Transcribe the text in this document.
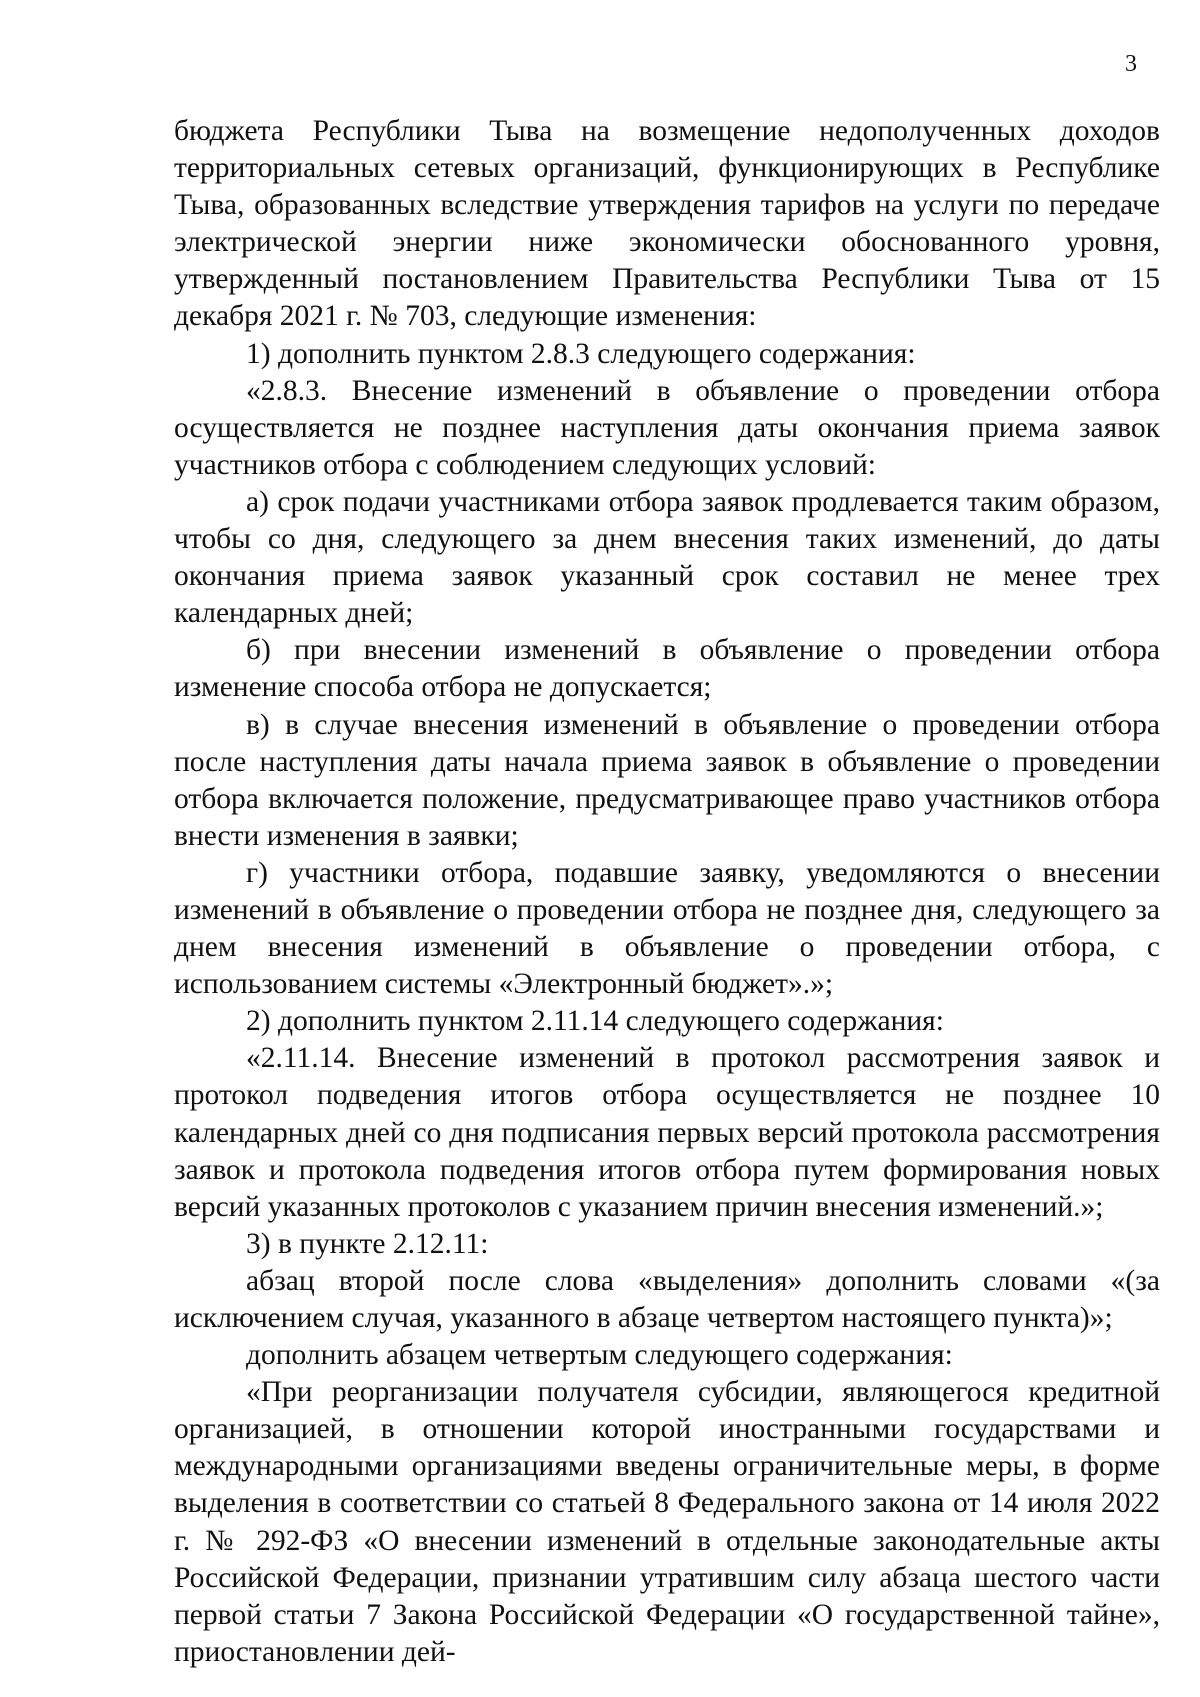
3

бюджета Республики Тыва на возмещение недополученных доходов территориальных сетевых организаций, функционирующих в Республике Тыва, образованных вследствие утверждения тарифов на услуги по передаче электрической энергии ниже экономически обоснованного уровня, утвержденный постановлением Правительства Республики Тыва от 15 декабря 2021 г. № 703, следующие изменения:

1) дополнить пунктом 2.8.3 следующего содержания:

«2.8.3. Внесение изменений в объявление о проведении отбора осуществляется не позднее наступления даты окончания приема заявок участников отбора с соблюдением следующих условий:

а) срок подачи участниками отбора заявок продлевается таким образом, чтобы со дня, следующего за днем внесения таких изменений, до даты окончания приема заявок указанный срок составил не менее трех календарных дней;

б) при внесении изменений в объявление о проведении отбора изменение способа отбора не допускается;

в) в случае внесения изменений в объявление о проведении отбора после наступления даты начала приема заявок в объявление о проведении отбора включается положение, предусматривающее право участников отбора внести изменения в заявки;

г) участники отбора, подавшие заявку, уведомляются о внесении изменений в объявление о проведении отбора не позднее дня, следующего за днем внесения изменений в объявление о проведении отбора, с использованием системы «Электронный бюджет».»;

2) дополнить пунктом 2.11.14 следующего содержания:

«2.11.14. Внесение изменений в протокол рассмотрения заявок и протокол подведения итогов отбора осуществляется не позднее 10 календарных дней со дня подписания первых версий протокола рассмотрения заявок и протокола подведения итогов отбора путем формирования новых версий указанных протоколов с указанием причин внесения изменений.»;

3) в пункте 2.12.11:

абзац второй после слова «выделения» дополнить словами «(за исключением случая, указанного в абзаце четвертом настоящего пункта)»;

дополнить абзацем четвертым следующего содержания:

«При реорганизации получателя субсидии, являющегося кредитной организацией, в отношении которой иностранными государствами и международными организациями введены ограничительные меры, в форме выделения в соответствии со статьей 8 Федерального закона от 14 июля 2022 г. № 292-ФЗ «О внесении изменений в отдельные законодательные акты Российской Федерации, признании утратившим силу абзаца шестого части первой статьи 7 Закона Российской Федерации «О государственной тайне», приостановлении дей-
